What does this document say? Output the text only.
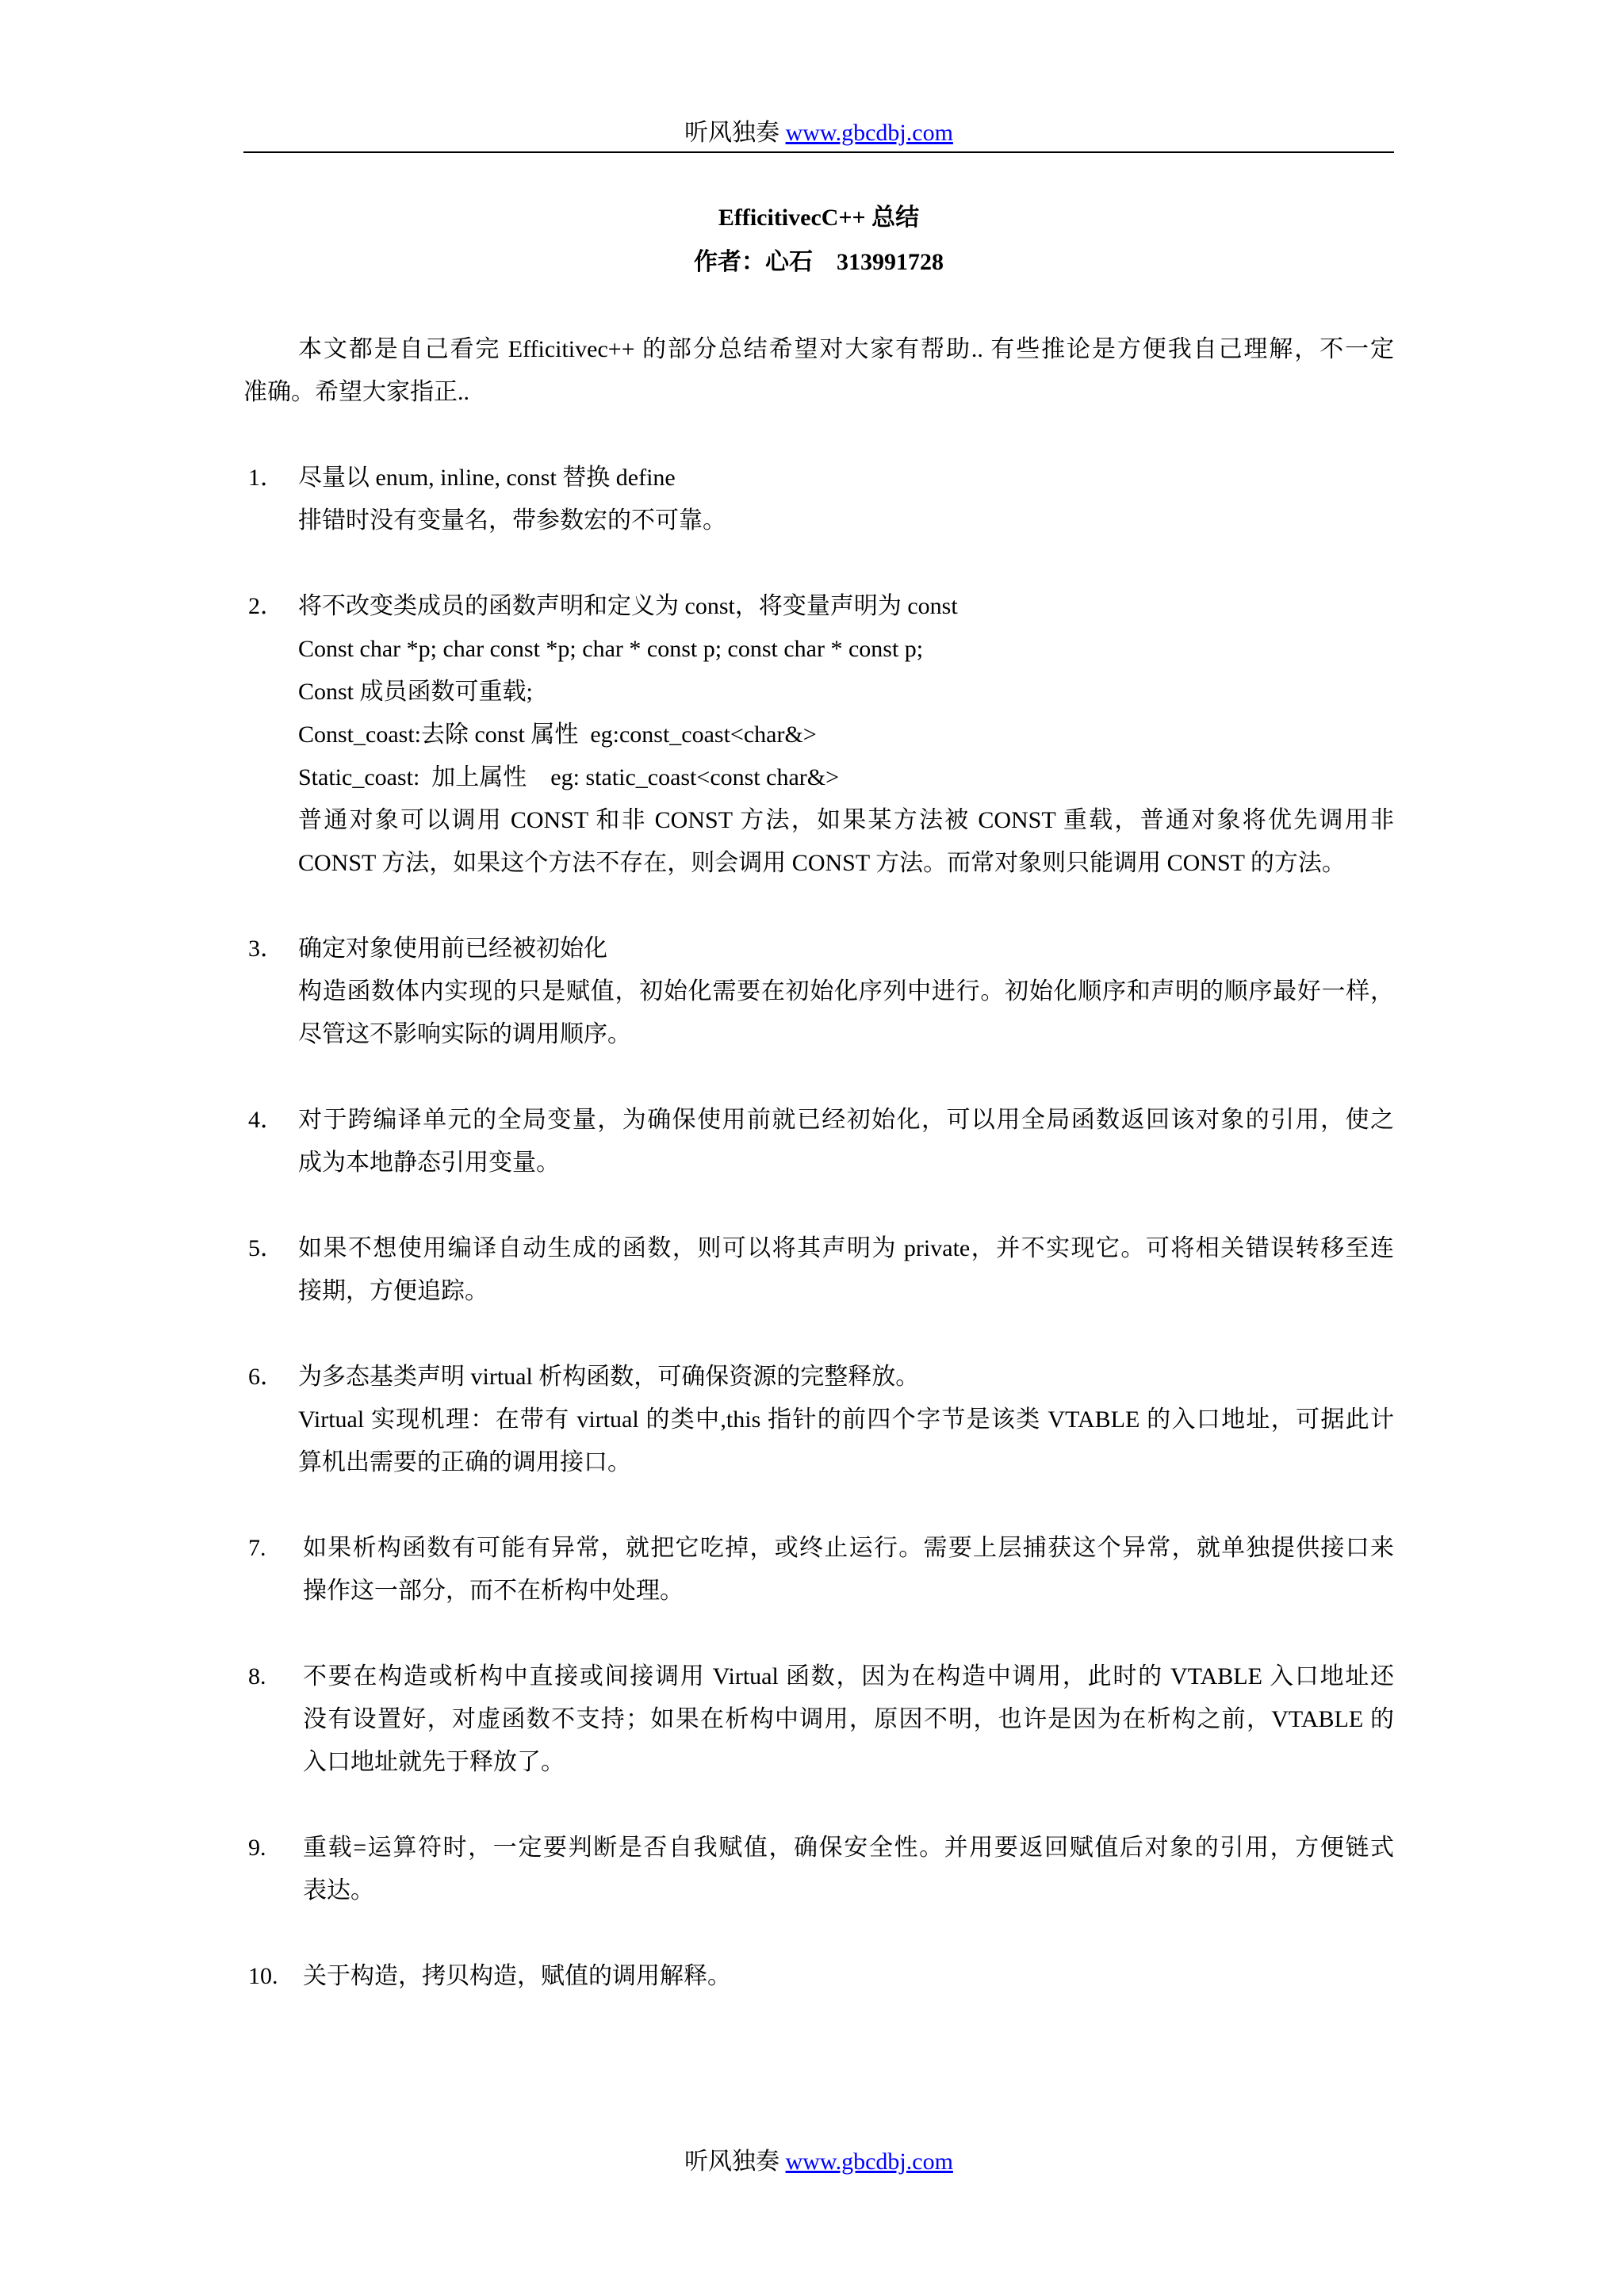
听风独奏 www.gbcdbj.com
EfficitivecC++ 总结
作者：心石　313991728
本文都是自己看完 Efficitivec++ 的部分总结希望对大家有帮助.. 有些推论是方便我自己理解，不一定
准确。希望大家指正..
1． 尽量以 enum, inline, const 替换 define
排错时没有变量名，带参数宏的不可靠。
2． 将不改变类成员的函数声明和定义为 const，将变量声明为 const
Const char *p; char const *p; char * const p; const char * const p;
Const 成员函数可重载;
Const_coast:去除 const 属性  eg:const_coast<char&>
Static_coast:  加上属性    eg: static_coast<const char&>
普通对象可以调用 CONST 和非 CONST 方法，如果某方法被 CONST 重载，普通对象将优先调用非
CONST 方法，如果这个方法不存在，则会调用 CONST 方法。而常对象则只能调用 CONST 的方法。
3． 确定对象使用前已经被初始化
构造函数体内实现的只是赋值，初始化需要在初始化序列中进行。初始化顺序和声明的顺序最好一样，
尽管这不影响实际的调用顺序。
4． 对于跨编译单元的全局变量，为确保使用前就已经初始化，可以用全局函数返回该对象的引用，使之
成为本地静态引用变量。
5． 如果不想使用编译自动生成的函数，则可以将其声明为 private，并不实现它。可将相关错误转移至连
接期，方便追踪。
6． 为多态基类声明 virtual 析构函数，可确保资源的完整释放。
Virtual 实现机理：在带有 virtual 的类中,this 指针的前四个字节是该类 VTABLE 的入口地址，可据此计
算机出需要的正确的调用接口。
7. 如果析构函数有可能有异常，就把它吃掉，或终止运行。需要上层捕获这个异常，就单独提供接口来
操作这一部分，而不在析构中处理。
8. 不要在构造或析构中直接或间接调用 Virtual 函数，因为在构造中调用，此时的 VTABLE 入口地址还
没有设置好，对虚函数不支持；如果在析构中调用，原因不明，也许是因为在析构之前，VTABLE 的
入口地址就先于释放了。
9. 重载=运算符时，一定要判断是否自我赋值，确保安全性。并用要返回赋值后对象的引用，方便链式
表达。
10. 关于构造，拷贝构造，赋值的调用解释。
听风独奏 www.gbcdbj.com
